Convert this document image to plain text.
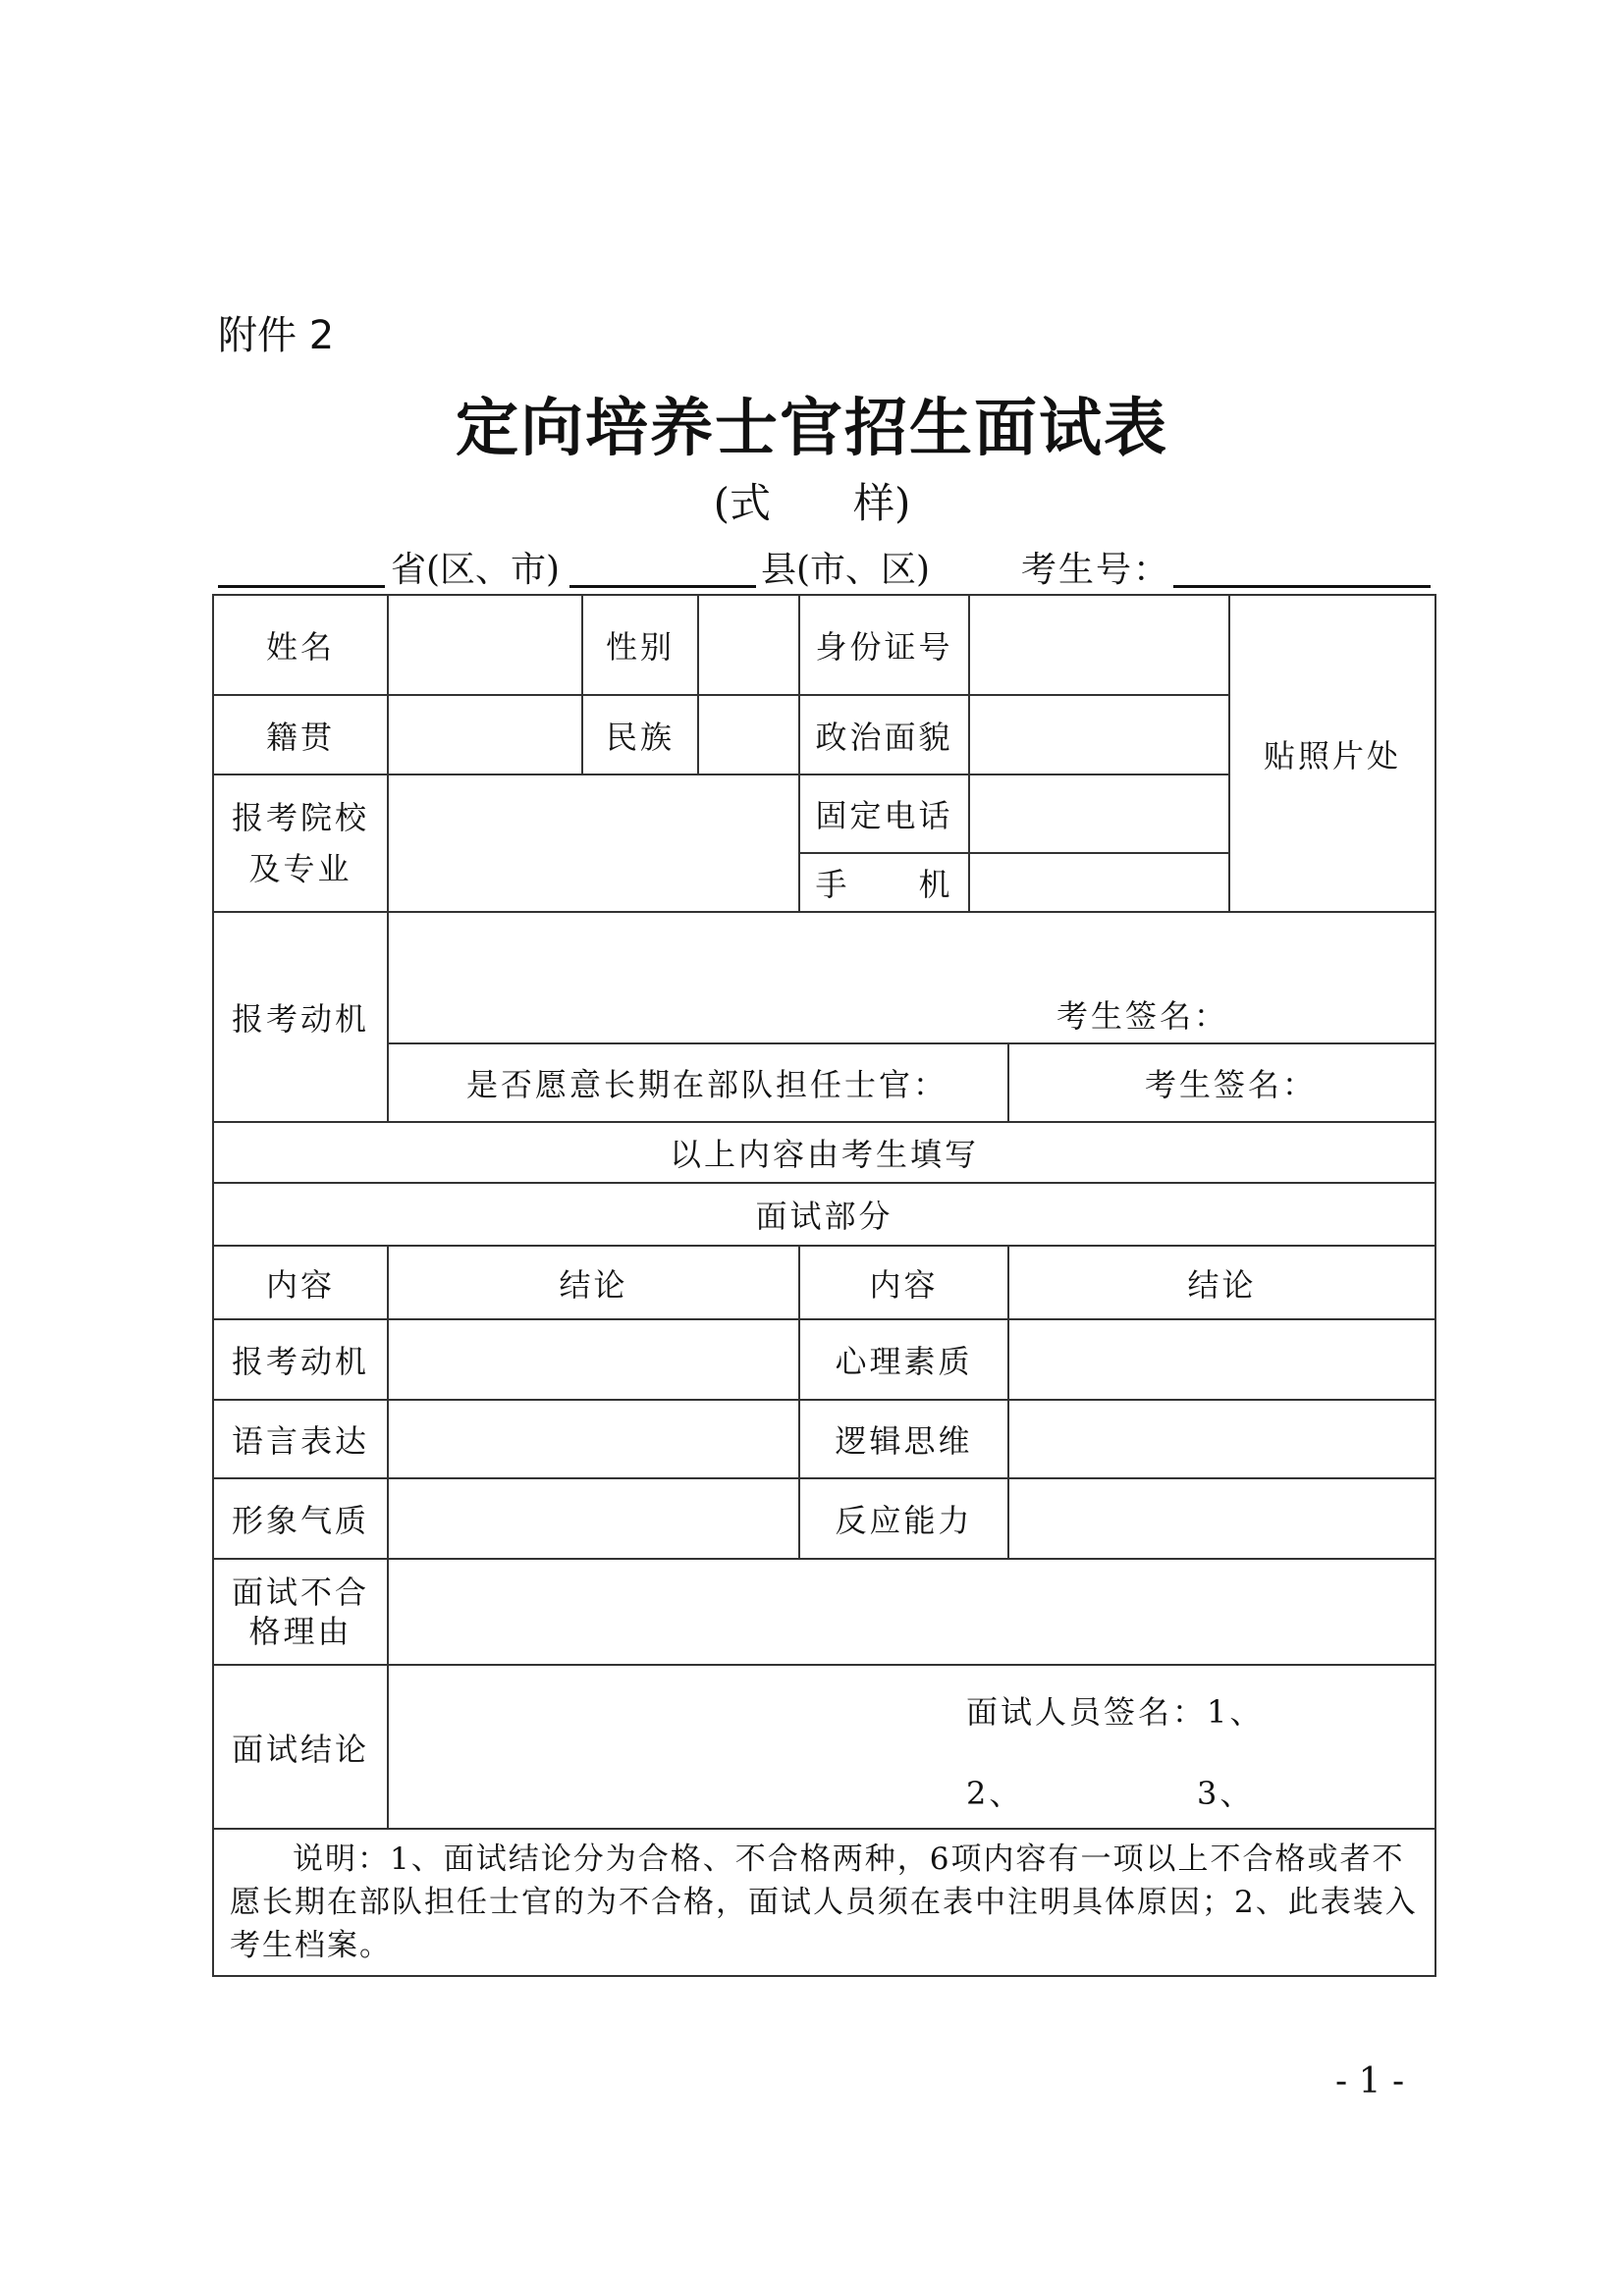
附件 2
定向培养士官招生面试表
(式　　样)
省(区、市)	县(市、区)	考生号：
姓名		性别		身份证号			贴照片处
籍贯		民族		政治面貌			

报考院校
及专业				固定电话			
				手　　机			
报考动机	考生签名：						

	是否愿意长期在部队担任士官：					考生签名：	
以上内容由考生填写							
面试部分							
内容	结论			内容		结论	
报考动机				心理素质			
语言表达				逻辑思维			
形象气质				反应能力			

面试不合
格理由							

面试结论	面试人员签名：1、
2、 3、						

说明：1、面试结论分为合格、不合格两种，6项内容有一项以上不合格或者不愿长期在部队担任士官的为不合格，面试人员须在表中注明具体原因；2、此表装入考生档案。							
- 1 -
